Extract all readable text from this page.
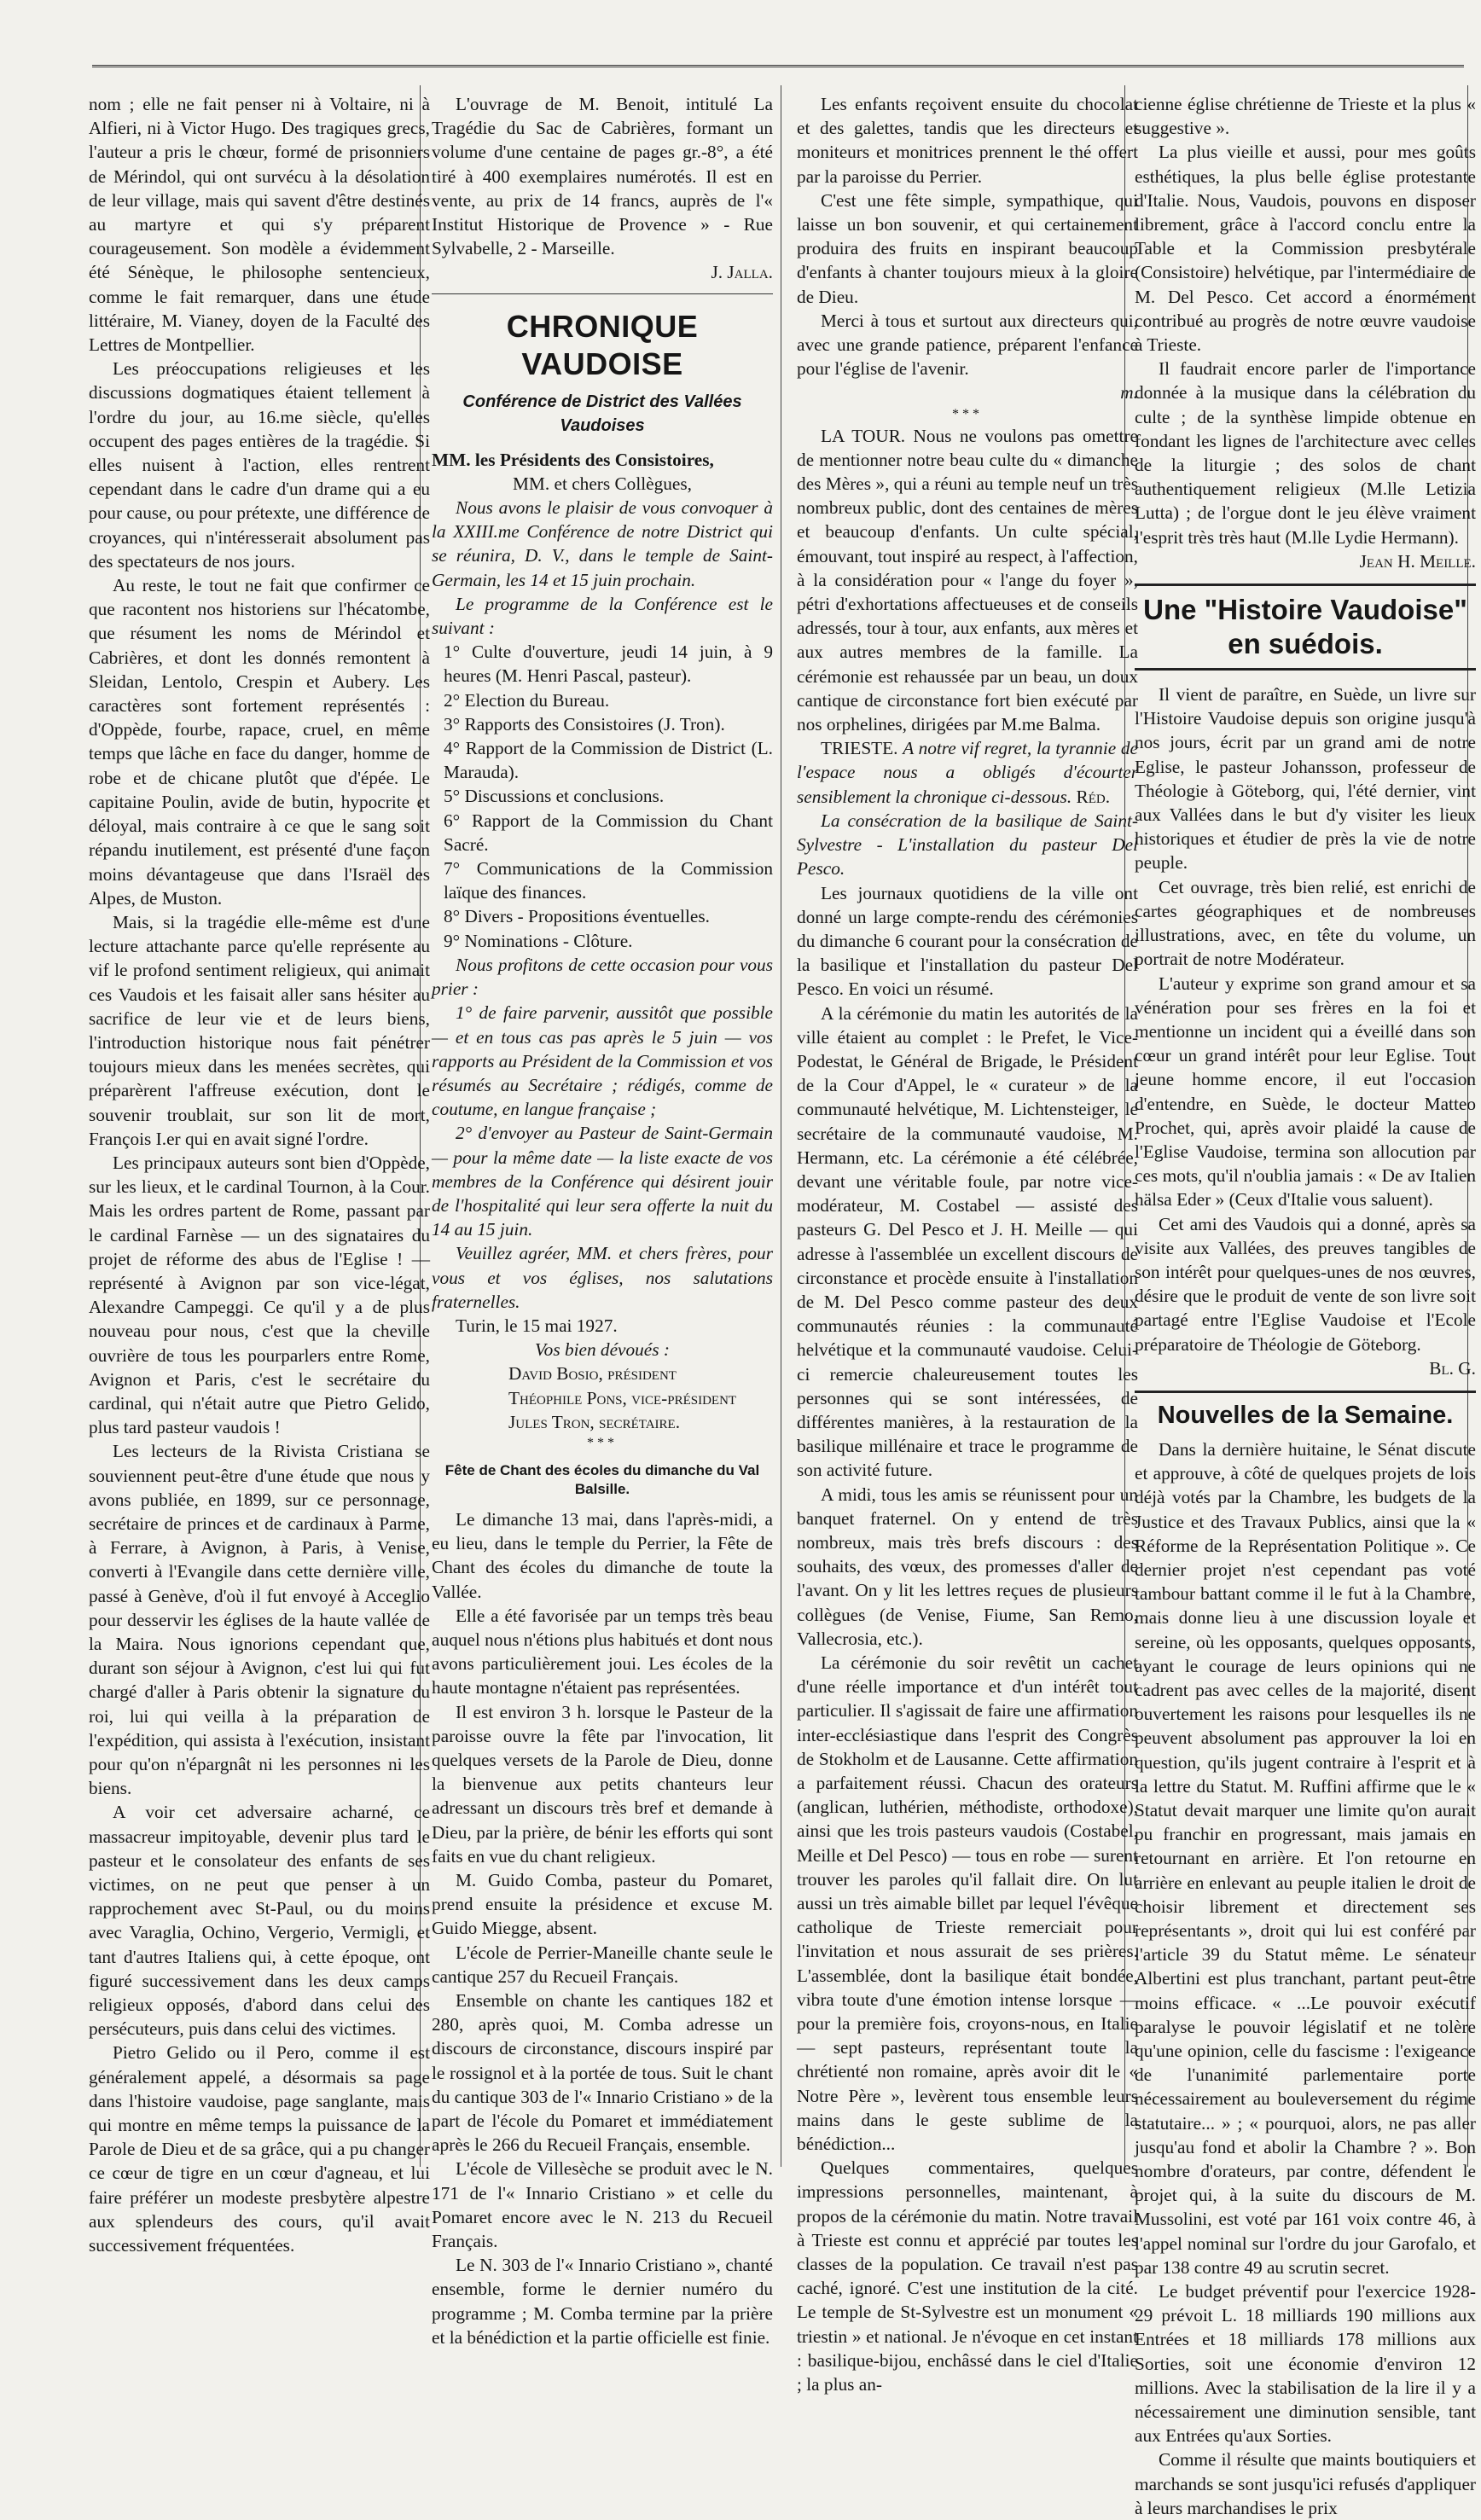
nom ; elle ne fait penser ni à Voltaire, ni à Alfieri, ni à Victor Hugo. Des tragiques grecs, l'auteur a pris le chœur, formé de prisonniers de Mérindol, qui ont survécu à la désolation de leur village, mais qui savent d'être destinés au martyre et qui s'y préparent courageusement. Son modèle a évidemment été Sénèque, le philosophe sentencieux, comme le fait remarquer, dans une étude littéraire, M. Vianey, doyen de la Faculté des Lettres de Montpellier.

Les préoccupations religieuses et les discussions dogmatiques étaient tellement à l'ordre du jour, au 16.me siècle, qu'elles occupent des pages entières de la tragédie. Si elles nuisent à l'action, elles rentrent cependant dans le cadre d'un drame qui a eu pour cause, ou pour prétexte, une différence de croyances, qui n'intéresserait absolument pas des spectateurs de nos jours.

Au reste, le tout ne fait que confirmer ce que racontent nos historiens sur l'hécatombe, que résument les noms de Mérindol et Cabrières, et dont les donnés remontent à Sleidan, Lentolo, Crespin et Aubery. Les caractères sont fortement représentés : d'Oppède, fourbe, rapace, cruel, en même temps que lâche en face du danger, homme de robe et de chicane plutôt que d'épée. Le capitaine Poulin, avide de butin, hypocrite et déloyal, mais contraire à ce que le sang soit répandu inutilement, est présenté d'une façon moins dévantageuse que dans l'Israël des Alpes, de Muston.

Mais, si la tragédie elle-même est d'une lecture attachante parce qu'elle représente au vif le profond sentiment religieux, qui animait ces Vaudois et les faisait aller sans hésiter au sacrifice de leur vie et de leurs biens, l'introduction historique nous fait pénétrer toujours mieux dans les menées secrètes, qui préparèrent l'affreuse exécution, dont le souvenir troublait, sur son lit de mort, François I.er qui en avait signé l'ordre.

Les principaux auteurs sont bien d'Oppède, sur les lieux, et le cardinal Tournon, à la Cour. Mais les ordres partent de Rome, passant par le cardinal Farnèse — un des signataires du projet de réforme des abus de l'Eglise ! — représenté à Avignon par son vice-légat, Alexandre Campeggi. Ce qu'il y a de plus nouveau pour nous, c'est que la cheville ouvrière de tous les pourparlers entre Rome, Avignon et Paris, c'est le secrétaire du cardinal, qui n'était autre que Pietro Gelido, plus tard pasteur vaudois !

Les lecteurs de la Rivista Cristiana se souviennent peut-être d'une étude que nous y avons publiée, en 1899, sur ce personnage, secrétaire de princes et de cardinaux à Parme, à Ferrare, à Avignon, à Paris, à Venise, converti à l'Evangile dans cette dernière ville, passé à Genève, d'où il fut envoyé à Acceglio pour desservir les églises de la haute vallée de la Maira. Nous ignorions cependant que, durant son séjour à Avignon, c'est lui qui fut chargé d'aller à Paris obtenir la signature du roi, lui qui veilla à la préparation de l'expédition, qui assista à l'exécution, insistant pour qu'on n'épargnât ni les personnes ni les biens.

A voir cet adversaire acharné, ce massacreur impitoyable, devenir plus tard le pasteur et le consolateur des enfants de ses victimes, on ne peut que penser à un rapprochement avec St-Paul, ou du moins avec Varaglia, Ochino, Vergerio, Vermigli, et tant d'autres Italiens qui, à cette époque, ont figuré successivement dans les deux camps religieux opposés, d'abord dans celui des persécuteurs, puis dans celui des victimes.

Pietro Gelido ou il Pero, comme il est généralement appelé, a désormais sa page dans l'histoire vaudoise, page sanglante, mais qui montre en même temps la puissance de la Parole de Dieu et de sa grâce, qui a pu changer ce cœur de tigre en un cœur d'agneau, et lui faire préférer un modeste presbytère alpestre aux splendeurs des cours, qu'il avait successivement fréquentées.

L'ouvrage de M. Benoit, intitulé La Tragédie du Sac de Cabrières, formant un volume d'une centaine de pages gr.-8°, a été tiré à 400 exemplaires numérotés. Il est en vente, au prix de 14 francs, auprès de l'« Institut Historique de Provence » - Rue Sylvabelle, 2 - Marseille.

J. Jalla.

CHRONIQUE VAUDOISE
Conférence de District des Vallées Vaudoises

MM. les Présidents des Consistoires,

MM. et chers Collègues,

Nous avons le plaisir de vous convoquer à la XXIII.me Conférence de notre District qui se réunira, D. V., dans le temple de Saint-Germain, les 14 et 15 juin prochain.

Le programme de la Conférence est le suivant :

1° Culte d'ouverture, jeudi 14 juin, à 9 heures (M. Henri Pascal, pasteur).

2° Election du Bureau.

3° Rapports des Consistoires (J. Tron).

4° Rapport de la Commission de District (L. Marauda).

5° Discussions et conclusions.

6° Rapport de la Commission du Chant Sacré.

7° Communications de la Commission laïque des finances.

8° Divers - Propositions éventuelles.

9° Nominations - Clôture.

Nous profitons de cette occasion pour vous prier :

1° de faire parvenir, aussitôt que possible — et en tous cas pas après le 5 juin — vos rapports au Président de la Commission et vos résumés au Secrétaire ; rédigés, comme de coutume, en langue française ;

2° d'envoyer au Pasteur de Saint-Germain — pour la même date — la liste exacte de vos membres de la Conférence qui désirent jouir de l'hospitalité qui leur sera offerte la nuit du 14 au 15 juin.

Veuillez agréer, MM. et chers frères, pour vous et vos églises, nos salutations fraternelles.

Turin, le 15 mai 1927.

Vos bien dévoués :

David Bosio, président

Théophile Pons, vice-président

Jules Tron, secrétaire.

***
Fête de Chant des écoles du dimanche du Val Balsille.

Le dimanche 13 mai, dans l'après-midi, a eu lieu, dans le temple du Perrier, la Fête de Chant des écoles du dimanche de toute la Vallée.

Elle a été favorisée par un temps très beau auquel nous n'étions plus habitués et dont nous avons particulièrement joui. Les écoles de la haute montagne n'étaient pas représentées.

Il est environ 3 h. lorsque le Pasteur de la paroisse ouvre la fête par l'invocation, lit quelques versets de la Parole de Dieu, donne la bienvenue aux petits chanteurs leur adressant un discours très bref et demande à Dieu, par la prière, de bénir les efforts qui sont faits en vue du chant religieux.

M. Guido Comba, pasteur du Pomaret, prend ensuite la présidence et excuse M. Guido Miegge, absent.

L'école de Perrier-Maneille chante seule le cantique 257 du Recueil Français.

Ensemble on chante les cantiques 182 et 280, après quoi, M. Comba adresse un discours de circonstance, discours inspiré par le rossignol et à la portée de tous. Suit le chant du cantique 303 de l'« Innario Cristiano » de la part de l'école du Pomaret et immédiatement après le 266 du Recueil Français, ensemble.

L'école de Villesèche se produit avec le N. 171 de l'« Innario Cristiano » et celle du Pomaret encore avec le N. 213 du Recueil Français.

Le N. 303 de l'« Innario Cristiano », chanté ensemble, forme le dernier numéro du programme ; M. Comba termine par la prière et la bénédiction et la partie officielle est finie.

Les enfants reçoivent ensuite du chocolat et des galettes, tandis que les directeurs et moniteurs et monitrices prennent le thé offert par la paroisse du Perrier.

C'est une fête simple, sympathique, qui laisse un bon souvenir, et qui certainement produira des fruits en inspirant beaucoup d'enfants à chanter toujours mieux à la gloire de Dieu.

Merci à tous et surtout aux directeurs qui, avec une grande patience, préparent l'enfance pour l'église de l'avenir.

m.

***

LA TOUR. Nous ne voulons pas omettre de mentionner notre beau culte du « dimanche des Mères », qui a réuni au temple neuf un très nombreux public, dont des centaines de mères et beaucoup d'enfants. Un culte spécial, émouvant, tout inspiré au respect, à l'affection, à la considération pour « l'ange du foyer », pétri d'exhortations affectueuses et de conseils adressés, tour à tour, aux enfants, aux mères et aux autres membres de la famille. La cérémonie est rehaussée par un beau, un doux cantique de circonstance fort bien exécuté par nos orphelines, dirigées par M.me Balma.

TRIESTE. A notre vif regret, la tyrannie de l'espace nous a obligés d'écourter sensiblement la chronique ci-dessous. Réd.

La consécration de la basilique de Saint-Sylvestre - L'installation du pasteur Del Pesco.

Les journaux quotidiens de la ville ont donné un large compte-rendu des cérémonies du dimanche 6 courant pour la consécration de la basilique et l'installation du pasteur Del Pesco. En voici un résumé.

A la cérémonie du matin les autorités de la ville étaient au complet : le Prefet, le Vice-Podestat, le Général de Brigade, le Président de la Cour d'Appel, le « curateur » de la communauté helvétique, M. Lichtensteiger, le secrétaire de la communauté vaudoise, M. Hermann, etc. La cérémonie a été célébrée, devant une véritable foule, par notre vice-modérateur, M. Costabel — assisté des pasteurs G. Del Pesco et J. H. Meille — qui adresse à l'assemblée un excellent discours de circonstance et procède ensuite à l'installation de M. Del Pesco comme pasteur des deux communautés réunies : la communauté helvétique et la communauté vaudoise. Celui-ci remercie chaleureusement toutes les personnes qui se sont intéressées, de différentes manières, à la restauration de la basilique millénaire et trace le programme de son activité future.

A midi, tous les amis se réunissent pour un banquet fraternel. On y entend de très nombreux, mais très brefs discours : des souhaits, des vœux, des promesses d'aller de l'avant. On y lit les lettres reçues de plusieurs collègues (de Venise, Fiume, San Remo, Vallecrosia, etc.).

La cérémonie du soir revêtit un cachet d'une réelle importance et d'un intérêt tout particulier. Il s'agissait de faire une affirmation inter-ecclésiastique dans l'esprit des Congrès de Stokholm et de Lausanne. Cette affirmation a parfaitement réussi. Chacun des orateurs (anglican, luthérien, méthodiste, orthodoxe), ainsi que les trois pasteurs vaudois (Costabel, Meille et Del Pesco) — tous en robe — surent trouver les paroles qu'il fallait dire. On lut aussi un très aimable billet par lequel l'évêque catholique de Trieste remerciait pour l'invitation et nous assurait de ses prières. L'assemblée, dont la basilique était bondée, vibra toute d'une émotion intense lorsque — pour la première fois, croyons-nous, en Italie — sept pasteurs, représentant toute la chrétienté non romaine, après avoir dit le « Notre Père », levèrent tous ensemble leurs mains dans le geste sublime de la bénédiction...

Quelques commentaires, quelques impressions personnelles, maintenant, à propos de la cérémonie du matin. Notre travail à Trieste est connu et apprécié par toutes les classes de la population. Ce travail n'est pas caché, ignoré. C'est une institution de la cité. Le temple de St-Sylvestre est un monument « triestin » et national. Je n'évoque en cet instant : basilique-bijou, enchâssé dans le ciel d'Italie ; la plus an-

cienne église chrétienne de Trieste et la plus « suggestive ».

La plus vieille et aussi, pour mes goûts esthétiques, la plus belle église protestante d'Italie. Nous, Vaudois, pouvons en disposer librement, grâce à l'accord conclu entre la Table et la Commission presbytérale (Consistoire) helvétique, par l'intermédiaire de M. Del Pesco. Cet accord a énormément contribué au progrès de notre œuvre vaudoise à Trieste.

Il faudrait encore parler de l'importance donnée à la musique dans la célébration du culte ; de la synthèse limpide obtenue en fondant les lignes de l'architecture avec celles de la liturgie ; des solos de chant authentiquement religieux (M.lle Letizia Lutta) ; de l'orgue dont le jeu élève vraiment l'esprit très très haut (M.lle Lydie Hermann).

Jean H. Meille.

Une "Histoire Vaudoise" en suédois.

Il vient de paraître, en Suède, un livre sur l'Histoire Vaudoise depuis son origine jusqu'à nos jours, écrit par un grand ami de notre Eglise, le pasteur Johansson, professeur de Théologie à Göteborg, qui, l'été dernier, vint aux Vallées dans le but d'y visiter les lieux historiques et étudier de près la vie de notre peuple.

Cet ouvrage, très bien relié, est enrichi de cartes géographiques et de nombreuses illustrations, avec, en tête du volume, un portrait de notre Modérateur.

L'auteur y exprime son grand amour et sa vénération pour ses frères en la foi et mentionne un incident qui a éveillé dans son cœur un grand intérêt pour leur Eglise. Tout jeune homme encore, il eut l'occasion d'entendre, en Suède, le docteur Matteo Prochet, qui, après avoir plaidé la cause de l'Eglise Vaudoise, termina son allocution par ces mots, qu'il n'oublia jamais : « De av Italien hälsa Eder » (Ceux d'Italie vous saluent).

Cet ami des Vaudois qui a donné, après sa visite aux Vallées, des preuves tangibles de son intérêt pour quelques-unes de nos œuvres, désire que le produit de vente de son livre soit partagé entre l'Eglise Vaudoise et l'Ecole préparatoire de Théologie de Göteborg.

Bl. G.

Nouvelles de la Semaine.

Dans la dernière huitaine, le Sénat discute et approuve, à côté de quelques projets de lois déjà votés par la Chambre, les budgets de la Justice et des Travaux Publics, ainsi que la « Réforme de la Représentation Politique ». Ce dernier projet n'est cependant pas voté tambour battant comme il le fut à la Chambre, mais donne lieu à une discussion loyale et sereine, où les opposants, quelques opposants, ayant le courage de leurs opinions qui ne cadrent pas avec celles de la majorité, disent ouvertement les raisons pour lesquelles ils ne peuvent absolument pas approuver la loi en question, qu'ils jugent contraire à l'esprit et à la lettre du Statut. M. Ruffini affirme que le « Statut devait marquer une limite qu'on aurait pu franchir en progressant, mais jamais en retournant en arrière. Et l'on retourne en arrière en enlevant au peuple italien le droit de choisir librement et directement ses représentants », droit qui lui est conféré par l'article 39 du Statut même. Le sénateur Albertini est plus tranchant, partant peut-être moins efficace. « ...Le pouvoir exécutif paralyse le pouvoir législatif et ne tolère qu'une opinion, celle du fascisme : l'exigeance de l'unanimité parlementaire porte nécessairement au bouleversement du régime statutaire... » ; « pourquoi, alors, ne pas aller jusqu'au fond et abolir la Chambre ? ». Bon nombre d'orateurs, par contre, défendent le projet qui, à la suite du discours de M. Mussolini, est voté par 161 voix contre 46, à l'appel nominal sur l'ordre du jour Garofalo, et par 138 contre 49 au scrutin secret.

Le budget préventif pour l'exercice 1928-29 prévoit L. 18 milliards 190 millions aux Entrées et 18 milliards 178 millions aux Sorties, soit une économie d'environ 12 millions. Avec la stabilisation de la lire il y a nécessairement une diminution sensible, tant aux Entrées qu'aux Sorties.

Comme il résulte que maints boutiquiers et marchands se sont jusqu'ici refusés d'appliquer à leurs marchandises le prix
